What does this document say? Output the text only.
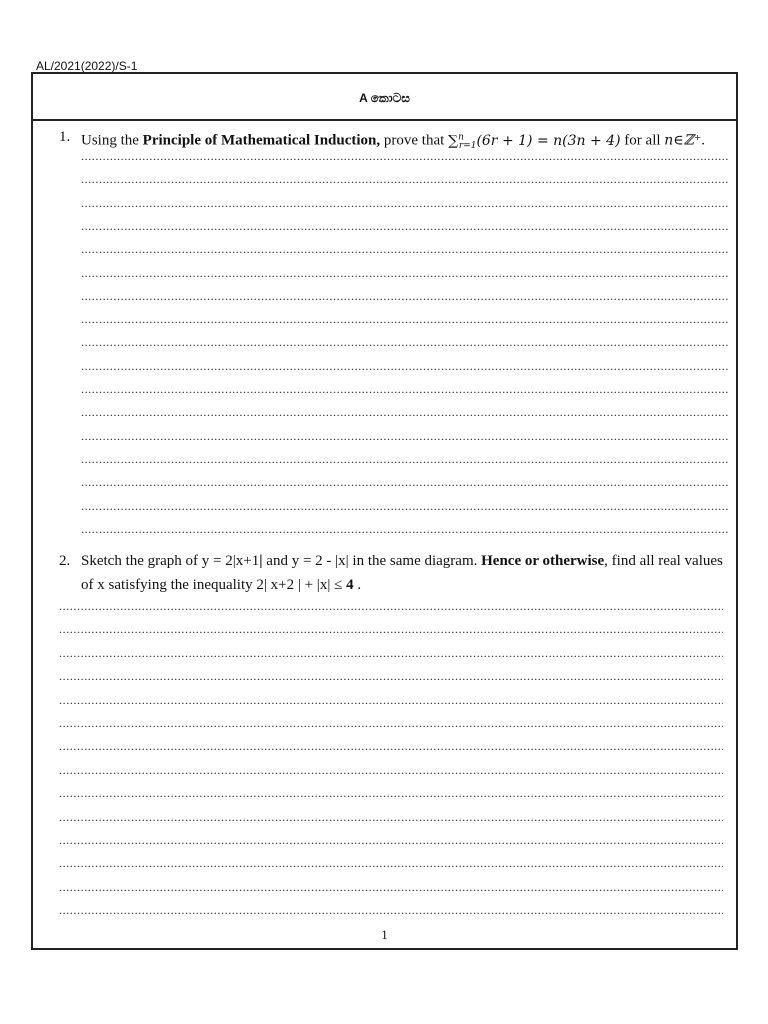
AL/2021(2022)/S-1
A කොටස
1. Using the Principle of Mathematical Induction, prove that ∑$^n_{r=1}$(6r + 1) = n(3n + 4) for all n∈ℤ⁺.
2. Sketch the graph of y = 2|x+1| and y = 2 - |x| in the same diagram. Hence or otherwise, find all real values
of x satisfying the inequality 2| x+2 | + |x| ≤ 4 .
.....
.....
.....
.....
.....
.....
.....
.....
.....
.....
.....
.....
.....
.....
.....
.....
.....
.....
.....
.....
.....
.....
.....
.....
.....
.....
.....
.....
.....
.....
.....
1
